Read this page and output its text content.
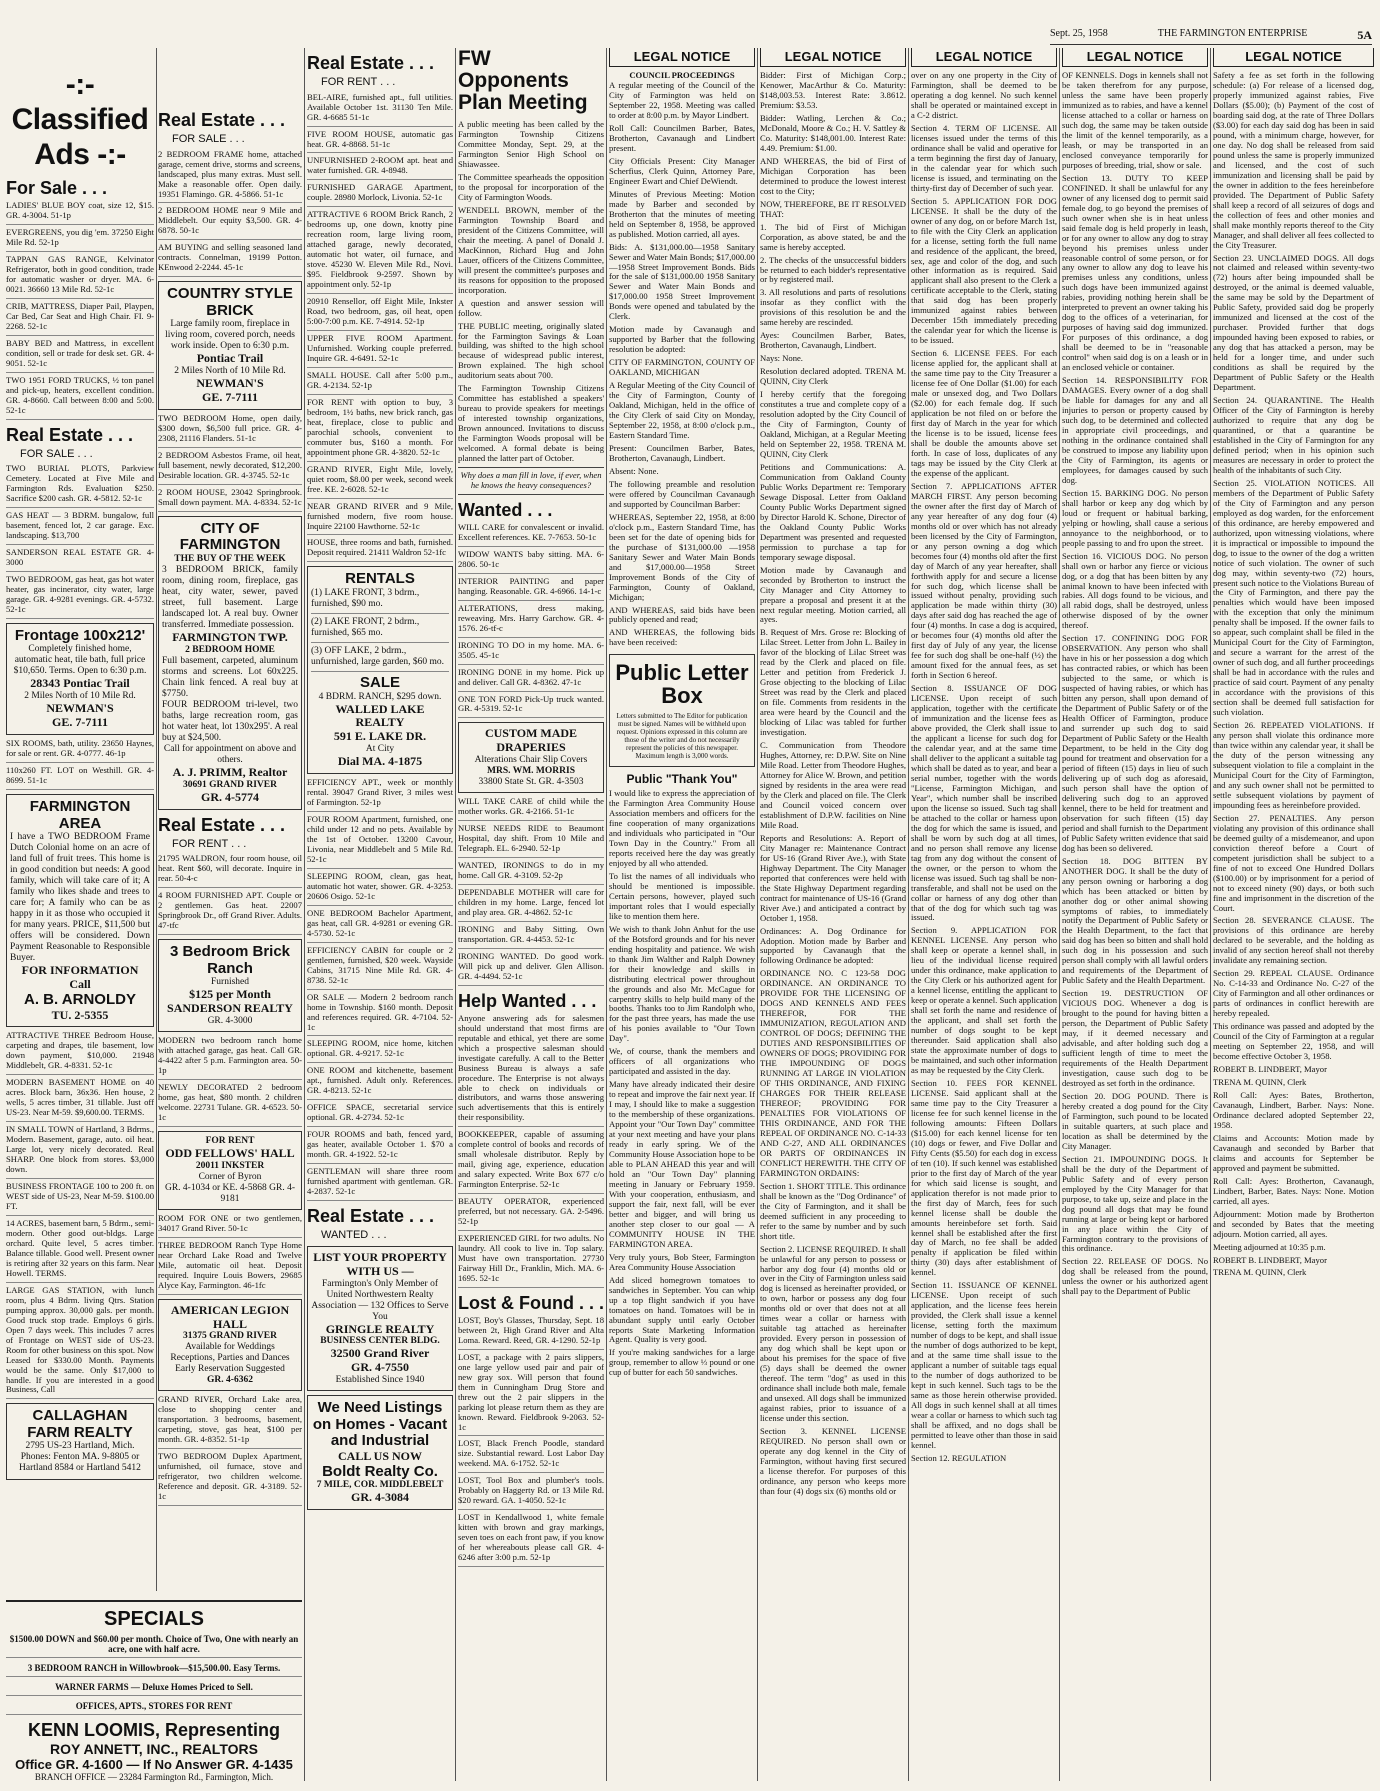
Sept. 25, 1958	THE FARMINGTON ENTERPRISE	5A
-:- Classified Ads -:-
For Sale . . .

LADIES' BLUE BOY coat, size 12, $15. GR. 4-3004. 51-1p

EVERGREENS, you dig 'em. 37250 Eight Mile Rd. 52-1p

TAPPAN GAS RANGE, Kelvinator Refrigerator, both in good condition, trade for automatic washer or dryer. MA. 6-0021. 36660 13 Mile Rd. 52-1c

CRIB, MATTRESS, Diaper Pail, Playpen, Car Bed, Car Seat and High Chair. FI. 9-2268. 52-1c

BABY BED and Mattress, in excellent condition, sell or trade for desk set. GR. 4-9051. 52-1c

TWO 1951 FORD TRUCKS, ½ ton panel and pick-up, heaters, excellent condition. GR. 4-8660. Call between 8:00 and 5:00. 52-1c

Real Estate . . .
FOR SALE . . .

TWO BURIAL PLOTS, Parkview Cemetery. Located at Five Mile and Farmington Rds. Evaluation $250. Sacrifice $200 cash. GR. 4-5812. 52-1c

GAS HEAT — 3 BDRM. bungalow, full basement, fenced lot, 2 car garage. Exc. landscaping. $13,700

SANDERSON REAL ESTATE GR. 4-3000

TWO BEDROOM, gas heat, gas hot water heater, gas incinerator, city water, large garage. GR. 4-9281 evenings. GR. 4-5732. 52-1c

Frontage 100x212'
Completely finished home, automatic heat, tile bath, full price $10,650. Terms. Open to 6:30 p.m.
28343 Pontiac Trail
2 Miles North of 10 Mile Rd.
NEWMAN'S
GE. 7-7111

SIX ROOMS, bath, utility. 23650 Haynes, for sale or rent. GR. 4-0777. 46-1p

110x260 FT. LOT on Westhill. GR. 4-8699. 51-1c

FARMINGTON AREA
I have a TWO BEDROOM Frame Dutch Colonial home on an acre of land full of fruit trees. This home is in good condition but needs: A good family, which will take care of it; A family who likes shade and trees to care for; A family who can be as happy in it as those who occupied it for many years. PRICE, $11,500 but offers will be considered. Down Payment Reasonable to Responsible Buyer.
FOR INFORMATION Call
A. B. ARNOLDY
TU. 2-5355

ATTRACTIVE THREE Bedroom House, carpeting and drapes, tile basement, low down payment, $10,000. 21948 Middlebelt, GR. 4-8331. 52-1c

MODERN BASEMENT HOME on 40 acres. Block barn, 36x36. Hen house, 2 wells, 5 acres timber, 31 tillable. Just off US-23. Near M-59. $9,600.00. TERMS.

IN SMALL TOWN of Hartland, 3 Bdrms., Modern. Basement, garage, auto. oil heat. Large lot, very nicely decorated. Real SHARP. One block from stores. $3,000 down.

BUSINESS FRONTAGE 100 to 200 ft. on WEST side of US-23, Near M-59. $100.00 FT.

14 ACRES, basement barn, 5 Bdrm., semi-modern. Other good out-bldgs. Large orchard. Quite level, 5 acres timber. Balance tillable. Good well. Present owner is retiring after 32 years on this farm. Near Howell. TERMS.

LARGE GAS STATION, with lunch room, plus 4 Bdrm. living Qtrs. Station pumping approx. 30,000 gals. per month. Good truck stop trade. Employs 6 girls. Open 7 days week. This includes 7 acres of Frontage on WEST side of US-23. Room for other business on this spot. Now Leased for $330.00 Month. Payments would be the same. Only $17,000 to handle. If you are interested in a good Business, Call

CALLAGHAN FARM REALTY
2795 US-23 Hartland, Mich.
Phones: Fenton MA. 9-8805 or Hartland 8584 or Hartland 5412
SPECIALS

$1500.00 DOWN and $60.00 per month. Choice of Two, One with nearly an acre, one with half acre.

3 BEDROOM RANCH in Willowbrook—$15,500.00. Easy Terms.

WARNER FARMS — Deluxe Homes Priced to Sell.

OFFICES, APTS., STORES FOR RENT

KENN LOOMIS, Representing
ROY ANNETT, INC., REALTORS
Office GR. 4-1600 — If No Answer GR. 4-1435
BRANCH OFFICE — 23284 Farmington Rd., Farmington, Mich.
Real Estate . . .
FOR SALE . . .

2 BEDROOM FRAME home, attached garage, cement drive, storms and screens, landscaped, plus many extras. Must sell. Make a reasonable offer. Open daily. 19351 Flamingo. GR. 4-5866. 51-1c

2 BEDROOM HOME near 9 Mile and Middlebelt. Our equity $3,500. GR. 4-6878. 50-1c

AM BUYING and selling seasoned land contracts. Connelman, 19199 Potton. KEnwood 2-2244. 45-1c

COUNTRY STYLE BRICK
Large family room, fireplace in living room, covered porch, needs work inside. Open to 6:30 p.m.
Pontiac Trail
2 Miles North of 10 Mile Rd.
NEWMAN'S
GE. 7-7111

TWO BEDROOM Home, open daily, $300 down, $6,500 full price. GR. 4-2308, 21116 Flanders. 51-1c

2 BEDROOM Asbestos Frame, oil heat, full basement, newly decorated, $12,200. Desirable location. GR. 4-3745. 52-1c

2 ROOM HOUSE, 23042 Springbrook. Small down payment. MA. 4-8334. 52-1c

CITY OF FARMINGTON
THE BUY OF THE WEEK
3 BEDROOM BRICK, family room, dining room, fireplace, gas heat, city water, sewer, paved street, full basement. Large landscaped lot. A real buy. Owner transferred. Immediate possession.
FARMINGTON TWP.
2 BEDROOM HOME
Full basement, carpeted, aluminum storms and screens. Lot 60x225. Chain link fenced. A real buy at $7750.
FOUR BEDROOM tri-level, two baths, large recreation room, gas hot water heat, lot 130x295'. A real buy at $24,500.
Call for appointment on above and others.
A. J. PRIMM, Realtor
30691 GRAND RIVER
GR. 4-5774
Real Estate . . .
FOR RENT . . .

21795 WALDRON, four room house, oil heat. Rent $60, will decorate. Inquire in rear. 50-4-c

4 ROOM FURNISHED APT. Couple or 2 gentlemen. Gas heat. 22007 Springbrook Dr., off Grand River. Adults. 47-tfc

3 Bedroom Brick Ranch
Furnished
$125 per Month
SANDERSON REALTY
GR. 4-3000

MODERN two bedroom ranch home with attached garage, gas heat. Call GR. 4-4422 after 5 p.m. Farmington area. 50-1p

NEWLY DECORATED 2 bedroom home, gas heat, $80 month. 2 children welcome. 22731 Tulane. GR. 4-6523. 50-1c

FOR RENT
ODD FELLOWS' HALL
20011 INKSTER
Corner of Byron
GR. 4-1034 or KE. 4-5868 GR. 4-9181

ROOM FOR ONE or two gentlemen, 34017 Grand River. 50-1c

THREE BEDROOM Ranch Type Home near Orchard Lake Road and Twelve Mile, automatic oil heat. Deposit required. Inquire Louis Bowers, 29685 Alyce Kay, Farmington. 46-1fc

AMERICAN LEGION HALL
31375 GRAND RIVER
Available for Weddings Receptions, Parties and Dances Early Reservation Suggested
GR. 4-6362

GRAND RIVER, Orchard Lake area, close to shopping center and transportation. 3 bedrooms, basement, carpeting, stove, gas heat, $100 per month. GR. 4-8352. 51-1p

TWO BEDROOM Duplex Apartment, unfurnished, oil furnace, stove and refrigerator, two children welcome. Reference and deposit. GR. 4-3189. 52-1c

Real Estate . . .
FOR RENT . . .

BEL-AIRE, furnished apt., full utilities. Available October 1st. 31130 Ten Mile. GR. 4-6685 51-1c

FIVE ROOM HOUSE, automatic gas heat. GR. 4-8868. 51-1c

UNFURNISHED 2-ROOM apt. heat and water furnished. GR. 4-8948.

FURNISHED GARAGE Apartment, couple. 28980 Morlock, Livonia. 52-1c

ATTRACTIVE 6 ROOM Brick Ranch, 2 bedrooms up, one down, knotty pine recreation room, large living room, attached garage, newly decorated, automatic hot water, oil furnace, and stove. 45230 W. Eleven Mile Rd., Novi. $95. Fieldbrook 9-2597. Shown by appointment only. 52-1p

20910 Rensellor, off Eight Mile, Inkster Road, two bedroom, gas, oil heat, open 5:00-7:00 p.m. KE. 7-4914. 52-1p

UPPER FIVE ROOM Apartment. Unfurnished. Working couple preferred. Inquire GR. 4-6491. 52-1c

SMALL HOUSE. Call after 5:00 p.m., GR. 4-2134. 52-1p

FOR RENT with option to buy, 3 bedroom, 1½ baths, new brick ranch, gas heat, fireplace, close to public and parochial schools, convenient to commuter bus, $160 a month. For appointment phone GR. 4-3820. 52-1c

GRAND RIVER, Eight Mile, lovely, quiet room, $8.00 per week, second week free. KE. 2-6028. 52-1c

NEAR GRAND RIVER and 9 Mile, furnished modern, five room house. Inquire 22100 Hawthorne. 52-1c

HOUSE, three rooms and bath, furnished. Deposit required. 21411 Waldron 52-1fc

RENTALS

(1) LAKE FRONT, 3 bdrm., furnished, $90 mo.

(2) LAKE FRONT, 2 bdrm., furnished, $65 mo.

(3) OFF LAKE, 2 bdrm., unfurnished, large garden, $60 mo.

SALE
4 BDRM. RANCH, $295 down.
WALLED LAKE REALTY
591 E. LAKE DR.
At City
Dial MA. 4-1875

EFFICIENCY APT., week or monthly rental. 39047 Grand River, 3 miles west of Farmington. 52-1p

FOUR ROOM Apartment, furnished, one child under 12 and no pets. Available by the 1st of October. 13200 Cavour, Livonia, near Middlebelt and 5 Mile Rd. 52-1c

SLEEPING ROOM, clean, gas heat, automatic hot water, shower. GR. 4-3253. 20606 Osigo. 52-1c

ONE BEDROOM Bachelor Apartment, gas heat, call GR. 4-9281 or evening GR. 4-5730. 52-1c

EFFICIENCY CABIN for couple or 2 gentlemen, furnished, $20 week. Wayside Cabins, 31715 Nine Mile Rd. GR. 4-8738. 52-1c

OR SALE — Modern 2 bedroom ranch home in Township. $160 month. Deposit and references required. GR. 4-7104. 52-1c

SLEEPING ROOM, nice home, kitchen optional. GR. 4-9217. 52-1c

ONE ROOM and kitchenette, basement apt., furnished. Adult only. References. GR. 4-8213. 52-1c

OFFICE SPACE, secretarial service optional. GR. 4-2734. 52-1c

FOUR ROOMS and bath, fenced yard, gas heater, available October 1. $70 a month. GR. 4-1922. 52-1c

GENTLEMAN will share three room furnished apartment with gentleman. GR. 4-2837. 52-1c

Real Estate . . .
WANTED . . .
LIST YOUR PROPERTY WITH US —
Farmington's Only Member of United Northwestern Realty Association — 132 Offices to Serve You
GRINGLE REALTY
BUSINESS CENTER BLDG.
32500 Grand River
GR. 4-7550
Established Since 1940
We Need Listings on Homes - Vacant and Industrial
CALL US NOW
Boldt Realty Co.
7 MILE, COR. MIDDLEBELT
GR. 4-3084
FW Opponents Plan Meeting

A public meeting has been called by the Farmington Township Citizens Committee Monday, Sept. 29, at the Farmington Senior High School on Shiawassee.

The Committee spearheads the opposition to the proposal for incorporation of the City of Farmington Woods.

WENDELL BROWN, member of the Farmington Township Board and president of the Citizens Committee, will chair the meeting. A panel of Donald J. MacKinnon, Richard Hug and John Lauer, officers of the Citizens Committee, will present the committee's purposes and its reasons for opposition to the proposed incorporation.

A question and answer session will follow.

THE PUBLIC meeting, originally slated for the Farmington Savings & Loan building, was shifted to the high school because of widespread public interest, Brown explained. The high school auditorium seats about 700.

The Farmington Township Citizens Committee has established a speakers' bureau to provide speakers for meetings of interested township organizations, Brown announced. Invitations to discuss the Farmington Woods proposal will be welcomed. A formal debate is being planned the latter part of October.

Why does a man fill in love, if ever, when he knows the heavy consequences?

Wanted . . .

WILL CARE for convalescent or invalid. Excellent references. KE. 7-7653. 50-1c

WIDOW WANTS baby sitting. MA. 6-2806. 50-1c

INTERIOR PAINTING and paper hanging. Reasonable. GR. 4-6966. 14-1-c

ALTERATIONS, dress making, reweaving. Mrs. Harry Garchow. GR. 4-1576. 26-tf-c

IRONING TO DO in my home. MA. 6-3505. 45-1c

IRONING DONE in my home. Pick up and deliver. Call GR. 4-8362. 47-1c

ONE TON FORD Pick-Up truck wanted. GR. 4-5319. 52-1c

CUSTOM MADE DRAPERIES
Alterations Chair Slip Covers
MRS. WM. MORRIS
33800 State St. GR. 4-3503

WILL TAKE CARE of child while the mother works. GR. 4-2166. 51-1c

NURSE NEEDS RIDE to Beaumont Hospital, day shift. From 10 Mile and Telegraph. EL. 6-2940. 52-1p

WANTED, IRONINGS to do in my home. Call GR. 4-3109. 52-2p

DEPENDABLE MOTHER will care for children in my home. Large, fenced lot and play area. GR. 4-4862. 52-1c

IRONING and Baby Sitting. Own transportation. GR. 4-4453. 52-1c

IRONING WANTED. Do good work. Will pick up and deliver. Glen Allison. GR. 4-4494. 52-1c

Help Wanted . . .

Anyone answering ads for salesmen should understand that most firms are reputable and ethical, yet there are some which a prospective salesman should investigate carefully. A call to the Better Business Bureau is always a safe procedure. The Enterprise is not always able to check on individuals or distributors, and warns those answering such advertisements that this is entirely their responsibility.

BOOKKEEPER, capable of assuming complete control of books and records of small wholesale distributor. Reply by mail, giving age, experience, education and salary expected. Write Box 677 c/o Farmington Enterprise. 52-1c

BEAUTY OPERATOR, experienced preferred, but not necessary. GA. 2-5496. 52-1p

EXPERIENCED GIRL for two adults. No laundry. All cook to live in. Top salary. Must have own transportation. 27730 Fairway Hill Dr., Franklin, Mich. MA. 6-1695. 52-1c

Lost & Found . . .

LOST, Boy's Glasses, Thursday, Sept. 18 between 2t, High Grand River and Alta Loma. Reward. Reed, GR. 4-1290. 52-1p

LOST, a package with 2 pairs slippers, one large yellow used pair and pair of new gray sox. Will person that found them in Cunningham Drug Store and threw out the 2 pair slippers in the parking lot please return them as they are known. Reward. Fieldbrook 9-2063. 52-1c

LOST, Black French Poodle, standard size. Substantial reward. Lost Labor Day weekend. MA. 6-1752. 52-1c

LOST, Tool Box and plumber's tools. Probably on Haggerty Rd. or 13 Mile Rd. $20 reward. GA. 1-4050. 52-1c

LOST in Kendallwood 1, white female kitten with brown and gray markings, seven toes on each front paw, if you know of her whereabouts please call GR. 4-6246 after 3:00 p.m. 52-1p

LEGAL NOTICE
COUNCIL PROCEEDINGS

A regular meeting of the Council of the City of Farmington was held on September 22, 1958. Meeting was called to order at 8:00 p.m. by Mayor Lindbert.

Roll Call: Councilmen Barber, Bates, Brotherton, Cavanaugh and Lindbert present.

City Officials Present: City Manager Scherfius, Clerk Quinn, Attorney Pare, Engineer Ewart and Chief DeWiendt.

Minutes of Previous Meeting: Motion made by Barber and seconded by Brotherton that the minutes of meeting held on September 8, 1958, be approved as published. Motion carried, all ayes.

Bids: A. $131,000.00—1958 Sanitary Sewer and Water Main Bonds; $17,000.00—1958 Street Improvement Bonds. Bids for the sale of $131,000.00 1958 Sanitary Sewer and Water Main Bonds and $17,000.00 1958 Street Improvement Bonds were opened and tabulated by the Clerk.

Motion made by Cavanaugh and supported by Barber that the following resolution be adopted:

CITY OF FARMINGTON, COUNTY OF OAKLAND, MICHIGAN

A Regular Meeting of the City Council of the City of Farmington, County of Oakland, Michigan, held in the office of the City Clerk of said City on Monday, September 22, 1958, at 8:00 o'clock p.m., Eastern Standard Time.

Present: Councilmen Barber, Bates, Brotherton, Cavanaugh, Lindbert.

Absent: None.

The following preamble and resolution were offered by Councilman Cavanaugh and supported by Councilman Barber:

WHEREAS, September 22, 1958, at 8:00 o'clock p.m., Eastern Standard Time, has been set for the date of opening bids for the purchase of $131,000.00 —1958 Sanitary Sewer and Water Main Bonds and $17,000.00—1958 Street Improvement Bonds of the City of Farmington, County of Oakland, Michigan;

AND WHEREAS, said bids have been publicly opened and read;

AND WHEREAS, the following bids have been received:

Public Letter Box
Letters submitted to The Editor for publication must be signed. Names will be withheld upon request. Opinions expressed in this column are those of the writer and do not necessarily represent the policies of this newspaper. Maximum length is 3,000 words.
Public "Thank You"

I would like to express the appreciation of the Farmington Area Community House Association members and officers for the fine cooperation of many organizations and individuals who participated in "Our Town Day in the Country." From all reports received here the day was greatly enjoyed by all who attended.

To list the names of all individuals who should be mentioned is impossible. Certain persons, however, played such important roles that I would especially like to mention them here.

We wish to thank John Anhut for the use of the Botsford grounds and for his never ending hospitality and patience. We wish to thank Jim Walther and Ralph Downey for their knowledge and skills in distributing electrical power throughout the grounds and also Mr. McCague for carpentry skills to help build many of the booths. Thanks too to Jim Randolph who, for the past three years, has made the use of his ponies available to "Our Town Day".

We, of course, thank the members and officers of all organizations who participated and assisted in the day.

Many have already indicated their desire to repeat and improve the fair next year. If I may, I should like to make a suggestion to the membership of these organizations. Appoint your "Our Town Day" committee at your next meeting and have your plans ready in early spring. We of the Community House Association hope to be able to PLAN AHEAD this year and will hold an "Our Town Day" planning meeting in January or February 1959. With your cooperation, enthusiasm, and support the fair, next fall, will be ever better and bigger, and will bring us another step closer to our goal — A COMMUNITY HOUSE IN THE FARMINGTON AREA.

Very truly yours, Bob Steer, Farmington Area Community House Association

Add sliced homegrown tomatoes to sandwiches in September. You can whip up a top flight sandwich if you have tomatoes on hand. Tomatoes will be in abundant supply until early October reports State Marketing Information Agent. Quality is very good.

If you're making sandwiches for a large group, remember to allow ⅓ pound or one cup of butter for each 50 sandwiches.

LEGAL NOTICE

Bidder: First of Michigan Corp.; Kenower, MacArthur & Co. Maturity: $148,003.53. Interest Rate: 3.8612. Premium: $3.53.

Bidder: Watling, Lerchen & Co.; McDonald, Moore & Co.; H. V. Sattley & Co. Maturity: $148,001.00. Interest Rate: 4.49. Premium: $1.00.

AND WHEREAS, the bid of First of Michigan Corporation has been determined to produce the lowest interest cost to the City;

NOW, THEREFORE, BE IT RESOLVED THAT:

1. The bid of First of Michigan Corporation, as above stated, be and the same is hereby accepted.

2. The checks of the unsuccessful bidders be returned to each bidder's representative or by registered mail.

3. All resolutions and parts of resolutions insofar as they conflict with the provisions of this resolution be and the same hereby are rescinded.

Ayes: Councilmen Barber, Bates, Brotherton, Cavanaugh, Lindbert.

Nays: None.

Resolution declared adopted. TRENA M. QUINN, City Clerk

I hereby certify that the foregoing constitutes a true and complete copy of a resolution adopted by the City Council of the City of Farmington, County of Oakland, Michigan, at a Regular Meeting held on September 22, 1958. TRENA M. QUINN, City Clerk

Petitions and Communications: A. Communication from Oakland County Public Works Department re: Temporary Sewage Disposal. Letter from Oakland County Public Works Department signed by Director Harold K. Schone, Director of the Oakland County Public Works Department was presented and requested permission to purchase a tap for temporary sewage disposal.

Motion made by Cavanaugh and seconded by Brotherton to instruct the City Manager and City Attorney to prepare a proposal and present it at the next regular meeting. Motion carried, all ayes.

B. Request of Mrs. Grose re: Blocking of Lilac Street. Letter from John L. Bailey in favor of the blocking of Lilac Street was read by the Clerk and placed on file. Letter and petition from Frederick J. Grose objecting to the blocking of Lilac Street was read by the Clerk and placed on file. Comments from residents in the area were heard by the Council and the blocking of Lilac was tabled for further investigation.

C. Communication from Theodore Hughes, Attorney, re: D.P.W. Site on Nine Mile Road. Letter from Theodore Hughes, Attorney for Alice W. Brown, and petition signed by residents in the area were read by the Clerk and placed on file. The Clerk and Council voiced concern over establishment of D.P.W. facilities on Nine Mile Road.

Reports and Resolutions: A. Report of City Manager re: Maintenance Contract for US-16 (Grand River Ave.), with State Highway Department. The City Manager reported that conferences were held with the State Highway Department regarding contract for maintenance of US-16 (Grand River Ave.) and anticipated a contract by October 1, 1958.

Ordinances: A. Dog Ordinance for Adoption. Motion made by Barber and supported by Cavanaugh that the following Ordinance be adopted:

ORDINANCE NO. C 123-58 DOG ORDINANCE. AN ORDINANCE TO PROVIDE FOR THE LICENSING OF DOGS AND KENNELS AND FEES THEREFOR, FOR THE IMMUNIZATION, REGULATION AND CONTROL OF DOGS; DEFINING THE DUTIES AND RESPONSIBILITIES OF OWNERS OF DOGS; PROVIDING FOR THE IMPOUNDING OF DOGS RUNNING AT LARGE IN VIOLATION OF THIS ORDINANCE, AND FIXING CHARGES FOR THEIR RELEASE THEREOF; PROVIDING FOR PENALTIES FOR VIOLATIONS OF THIS ORDINANCE, AND FOR THE REPEAL OF ORDINANCE NO. C-14-33 AND C-27, AND ALL ORDINANCES OR PARTS OF ORDINANCES IN CONFLICT HEREWITH. THE CITY OF FARMINGTON ORDAINS:

Section 1. SHORT TITLE. This ordinance shall be known as the "Dog Ordinance" of the City of Farmington, and it shall be deemed sufficient in any proceeding to refer to the same by number and by such short title.

Section 2. LICENSE REQUIRED. It shall be unlawful for any person to possess or harbor any dog four (4) months old or over in the City of Farmington unless said dog is licensed as hereinafter provided, or to own, harbor or possess any dog four months old or over that does not at all times wear a collar or harness with suitable tag attached as hereinafter provided. Every person in possession of any dog which shall be kept upon or about his premises for the space of five (5) days shall be deemed the owner thereof. The term "dog" as used in this ordinance shall include both male, female and unsexed. All dogs shall be immunized against rabies, prior to issuance of a license under this section.

Section 3. KENNEL LICENSE REQUIRED. No person shall own or operate any dog kennel in the City of Farmington, without having first secured a license therefor. For purposes of this ordinance, any person who keeps more than four (4) dogs six (6) months old or

LEGAL NOTICE

over on any one property in the City of Farmington, shall be deemed to be operating a dog kennel. No such kennel shall be operated or maintained except in a C-2 district.

Section 4. TERM OF LICENSE. All licenses issued under the terms of this ordinance shall be valid and operative for a term beginning the first day of January, in the calendar year for which such license is issued, and terminating on the thirty-first day of December of such year.

Section 5. APPLICATION FOR DOG LICENSE. It shall be the duty of the owner of any dog, on or before March 1st, to file with the City Clerk an application for a license, setting forth the full name and residence of the applicant, the breed, sex, age and color of the dog, and such other information as is required. Said applicant shall also present to the Clerk a certificate acceptable to the Clerk, stating that said dog has been properly immunized against rabies between December 15th immediately preceding the calendar year for which the license is to be issued.

Section 6. LICENSE FEES. For each license applied for, the applicant shall at the same time pay to the City Treasurer a license fee of One Dollar ($1.00) for each male or unsexed dog, and Two Dollars ($2.00) for each female dog. If such application be not filed on or before the first day of March in the year for which the license is to be issued, license fees shall be double the amounts above set forth. In case of loss, duplicates of any tags may be issued by the City Clerk at the expense of the applicant.

Section 7. APPLICATIONS AFTER MARCH FIRST. Any person becoming the owner after the first day of March of any year hereafter of any dog four (4) months old or over which has not already been licensed by the City of Farmington, or any person owning a dog which becomes four (4) months old after the first day of March of any year hereafter, shall forthwith apply for and secure a license for such dog, which license shall be issued without penalty, providing such application be made within thirty (30) days after said dog has reached the age of four (4) months. In case a dog is acquired, or becomes four (4) months old after the first day of July of any year, the license fee for such dog shall be one-half (½) the amount fixed for the annual fees, as set forth in Section 6 hereof.

Section 8. ISSUANCE OF DOG LICENSE. Upon receipt of such application, together with the certificate of immunization and the license fees as above provided, the Clerk shall issue to the applicant a license for such dog for the calendar year, and at the same time shall deliver to the applicant a suitable tag which shall be dated as to year, and bear a serial number, together with the words "License, Farmington Michigan, and Year", which number shall be inscribed upon the license so issued. Such tag shall be attached to the collar or harness upon the dog for which the same is issued, and shall be worn by such dog at all times, and no person shall remove any license tag from any dog without the consent of the owner, or the person to whom the license was issued. Such tag shall be non-transferable, and shall not be used on the collar or harness of any dog other than that of the dog for which such tag was issued.

Section 9. APPLICATION FOR KENNEL LICENSE. Any person who shall keep or operate a kennel shall, in lieu of the individual license required under this ordinance, make application to the City Clerk or his authorized agent for a kennel license, entitling the applicant to keep or operate a kennel. Such application shall set forth the name and residence of the applicant, and shall set forth the number of dogs sought to be kept thereunder. Said application shall also state the approximate number of dogs to be maintained, and such other information as may be requested by the City Clerk.

Section 10. FEES FOR KENNEL LICENSE. Said applicant shall at the same time pay to the City Treasurer a license fee for such kennel license in the following amounts: Fifteen Dollars ($15.00) for each kennel license for ten (10) dogs or fewer, and Five Dollar and Fifty Cents ($5.50) for each dog in excess of ten (10). If such kennel was established prior to the first day of March of the year for which said license is sought, and application therefor is not made prior to the first day of March, fees for such kennel license shall be double the amounts hereinbefore set forth. Said kennel shall be established after the first day of March, no fee shall be added penalty if application be filed within thirty (30) days after establishment of kennel.

Section 11. ISSUANCE OF KENNEL LICENSE. Upon receipt of such application, and the license fees herein provided, the Clerk shall issue a kennel license, setting forth the maximum number of dogs to be kept, and shall issue the number of dogs authorized to be kept, and at the same time shall issue to the applicant a number of suitable tags equal to the number of dogs authorized to be kept in such kennel. Such tags to be the same as those herein otherwise provided. All dogs in such kennel shall at all times wear a collar or harness to which such tag shall be affixed, and no dogs shall be permitted to leave other than those in said kennel.

Section 12. REGULATION

LEGAL NOTICE

OF KENNELS. Dogs in kennels shall not be taken therefrom for any purpose, unless the same have been properly immunized as to rabies, and have a kennel license attached to a collar or harness on such dog, the same may be taken outside the limit of the kennel temporarily, as a leash, or may be transported in an enclosed conveyance temporarily for purposes of breeding, trial, show or sale.

Section 13. DUTY TO KEEP CONFINED. It shall be unlawful for any owner of any licensed dog to permit said female dog, to go beyond the premises of such owner when she is in heat unless said female dog is held properly in leash, or for any owner to allow any dog to stray beyond his premises unless under reasonable control of some person, or for any owner to allow any dog to leave his premises unless any conditions, unless such dogs have been immunized against rabies, providing nothing herein shall be interpreted to prevent an owner taking his dog to the offices of a veterinarian, for purposes of having said dog immunized. For purposes of this ordinance, a dog shall be deemed to be in "reasonable control" when said dog is on a leash or in an enclosed vehicle or container.

Section 14. RESPONSIBILITY FOR DAMAGES. Every owner of a dog shall be liable for damages for any and all injuries to person or property caused by such dog, to be determined and collected in appropriate civil proceedings, and nothing in the ordinance contained shall be construed to impose any liability upon the City of Farmington, its agents or employees, for damages caused by such dog.

Section 15. BARKING DOG. No person shall harbor or keep any dog which by loud or frequent or habitual barking, yelping or howling, shall cause a serious annoyance to the neighborhood, or to people passing to and fro upon the street.

Section 16. VICIOUS DOG. No person shall own or harbor any fierce or vicious dog, or a dog that has been bitten by any animal known to have been infected with rabies. All dogs found to be vicious, and all rabid dogs, shall be destroyed, unless otherwise disposed of by the owner thereof.

Section 17. CONFINING DOG FOR OBSERVATION. Any person who shall have in his or her possession a dog which has contracted rabies, or which has been subjected to the same, or which is suspected of having rabies, or which has bitten any person, shall upon demand of the Department of Public Safety or of the Health Officer of Farmington, produce and surrender up such dog to said Department of Public Safety or the Health Department, to be held in the City dog pound for treatment and observation for a period of fifteen (15) days in lieu of such delivering up of such dog as aforesaid, such person shall have the option of delivering such dog to an approved kennel, there to be held for treatment and observation for such fifteen (15) day period and shall furnish to the Department of Public Safety written evidence that said dog has been so delivered.

Section 18. DOG BITTEN BY ANOTHER DOG. It shall be the duty of any person owning or harboring a dog which has been attacked or bitten by another dog or other animal showing symptoms of rabies, to immediately notify the Department of Public Safety or the Health Department, to the fact that said dog has been so bitten and shall hold such dog in his possession and such person shall comply with all lawful orders and requirements of the Department of Public Safety and the Health Department.

Section 19. DESTRUCTION OF VICIOUS DOG. Whenever a dog is brought to the pound for having bitten a person, the Department of Public Safety may, if it deemed necessary and advisable, and after holding such dog a sufficient length of time to meet the requirements of the Health Department investigation, cause such dog to be destroyed as set forth in the ordinance.

Section 20. DOG POUND. There is hereby created a dog pound for the City of Farmington, such pound to be located in suitable quarters, at such place and location as shall be determined by the City Manager.

Section 21. IMPOUNDING DOGS. It shall be the duty of the Department of Public Safety and of every person employed by the City Manager for that purpose, to take up, seize and place in the dog pound all dogs that may be found running at large or being kept or harbored in any place within the City of Farmington contrary to the provisions of this ordinance.

Section 22. RELEASE OF DOGS. No dog shall be released from the pound, unless the owner or his authorized agent shall pay to the Department of Public

LEGAL NOTICE

Safety a fee as set forth in the following schedule: (a) For release of a licensed dog, properly immunized against rabies, Five Dollars ($5.00); (b) Payment of the cost of boarding said dog, at the rate of Three Dollars ($3.00) for each day said dog has been in said pound, with a minimum charge, however, for one day. No dog shall be released from said pound unless the same is properly immunized and licensed, and the cost of such immunization and licensing shall be paid by the owner in addition to the fees hereinbefore provided. The Department of Public Safety shall keep a record of all seizures of dogs and the collection of fees and other monies and shall make monthly reports thereof to the City Manager, and shall deliver all fees collected to the City Treasurer.

Section 23. UNCLAIMED DOGS. All dogs not claimed and released within seventy-two (72) hours after being impounded shall be destroyed, or the animal is deemed valuable, the same may be sold by the Department of Public Safety, provided said dog be properly immunized and licensed at the cost of the purchaser. Provided further that dogs impounded having been exposed to rabies, or any dog that has attacked a person, may be held for a longer time, and under such conditions as shall be required by the Department of Public Safety or the Health Department.

Section 24. QUARANTINE. The Health Officer of the City of Farmington is hereby authorized to require that any dog be quarantined, or that a quarantine be established in the City of Farmington for any defined period; when in his opinion such measures are necessary in order to protect the health of the inhabitants of such City.

Section 25. VIOLATION NOTICES. All members of the Department of Public Safety of the City of Farmington and any person employed as dog warden, for the enforcement of this ordinance, are hereby empowered and authorized, upon witnessing violations, where it is impractical or impossible to impound the dog, to issue to the owner of the dog a written notice of such violation. The owner of such dog may, within seventy-two (72) hours, present such notice to the Violations Bureau of the City of Farmington, and there pay the penalties which would have been imposed with the exception that only the minimum penalty shall be imposed. If the owner fails to so appear, such complaint shall be filed in the Municipal Court for the City of Farmington, and secure a warrant for the arrest of the owner of such dog, and all further proceedings shall be had in accordance with the rules and practice of said court. Payment of any penalty in accordance with the provisions of this section shall be deemed full satisfaction for such violation.

Section 26. REPEATED VIOLATIONS. If any person shall violate this ordinance more than twice within any calendar year, it shall be the duty of the person witnessing any subsequent violation to file a complaint in the Municipal Court for the City of Farmington, and any such owner shall not be permitted to settle subsequent violations by payment of impounding fees as hereinbefore provided.

Section 27. PENALTIES. Any person violating any provision of this ordinance shall be deemed guilty of a misdemeanor, and upon conviction thereof before a Court of competent jurisdiction shall be subject to a fine of not to exceed One Hundred Dollars ($100.00) or by imprisonment for a period of not to exceed ninety (90) days, or both such fine and imprisonment in the discretion of the Court.

Section 28. SEVERANCE CLAUSE. The provisions of this ordinance are hereby declared to be severable, and the holding as invalid of any section hereof shall not thereby invalidate any remaining section.

Section 29. REPEAL CLAUSE. Ordinance No. C-14-33 and Ordinance No. C-27 of the City of Farmington and all other ordinances or parts of ordinances in conflict herewith are hereby repealed.

This ordinance was passed and adopted by the Council of the City of Farmington at a regular meeting on September 22, 1958, and will become effective October 3, 1958.

ROBERT B. LINDBERT, Mayor

TRENA M. QUINN, Clerk

Roll Call: Ayes: Bates, Brotherton, Cavanaugh, Lindbert, Barber. Nays: None. Ordinance declared adopted September 22, 1958.

Claims and Accounts: Motion made by Cavanaugh and seconded by Barber that claims and accounts for September be approved and payment be submitted.

Roll Call: Ayes: Brotherton, Cavanaugh, Lindbert, Barber, Bates. Nays: None. Motion carried, all ayes.

Adjournment: Motion made by Brotherton and seconded by Bates that the meeting adjourn. Motion carried, all ayes.

Meeting adjourned at 10:35 p.m.

ROBERT B. LINDBERT, Mayor

TRENA M. QUINN, Clerk
